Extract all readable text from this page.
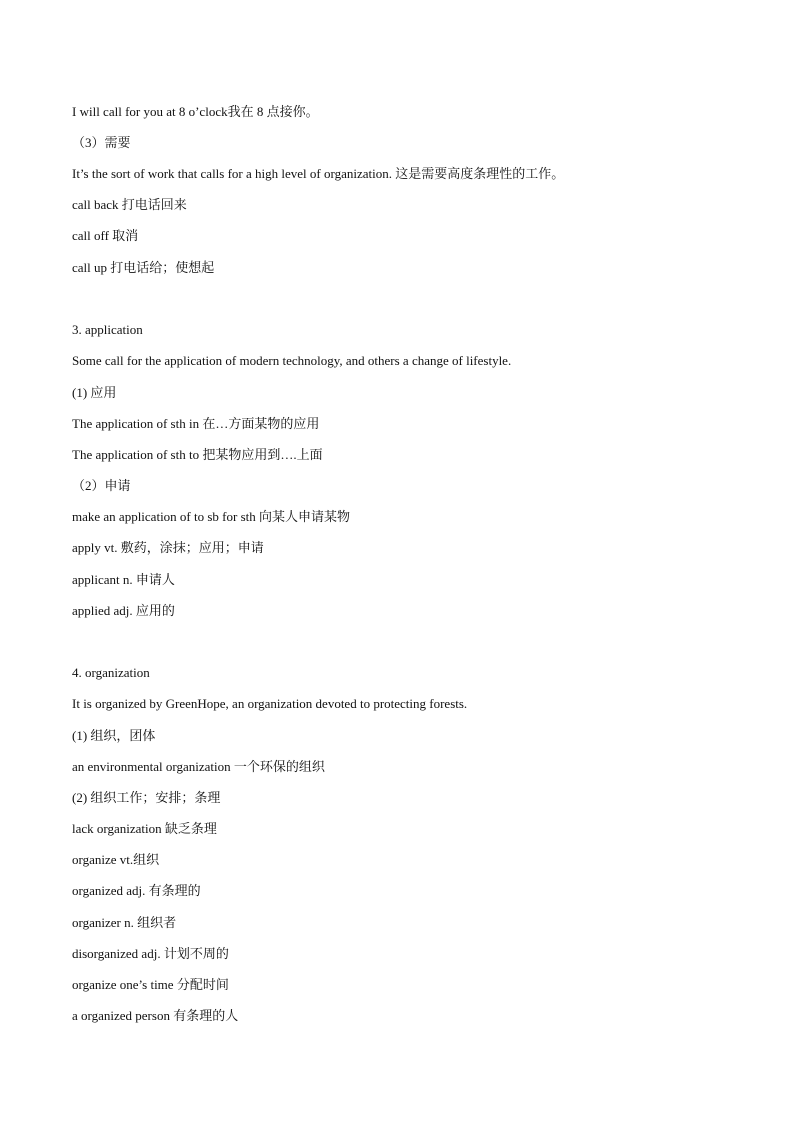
I will call for you at 8 o’clock我在 8 点接你。
（3）需要
It’s the sort of work that calls for a high level of organization. 这是需要高度条理性的工作。
call back 打电话回来
call off 取消
call up 打电话给；使想起
3. application
Some call for the application of modern technology, and others a change of lifestyle.
(1) 应用
The application of sth in 在…方面某物的应用
The application of sth to 把某物应用到….上面
（2）申请
make an application of to sb for sth 向某人申请某物
apply vt. 敷药，涂抹；应用；申请
applicant n. 申请人
applied adj. 应用的
4. organization
It is organized by GreenHope, an organization devoted to protecting forests.
(1) 组织，团体
an environmental organization 一个环保的组织
(2) 组织工作；安排；条理
lack organization 缺乏条理
organize vt.组织
organized adj. 有条理的
organizer n. 组织者
disorganized adj. 计划不周的
organize one’s time 分配时间
a organized person 有条理的人
